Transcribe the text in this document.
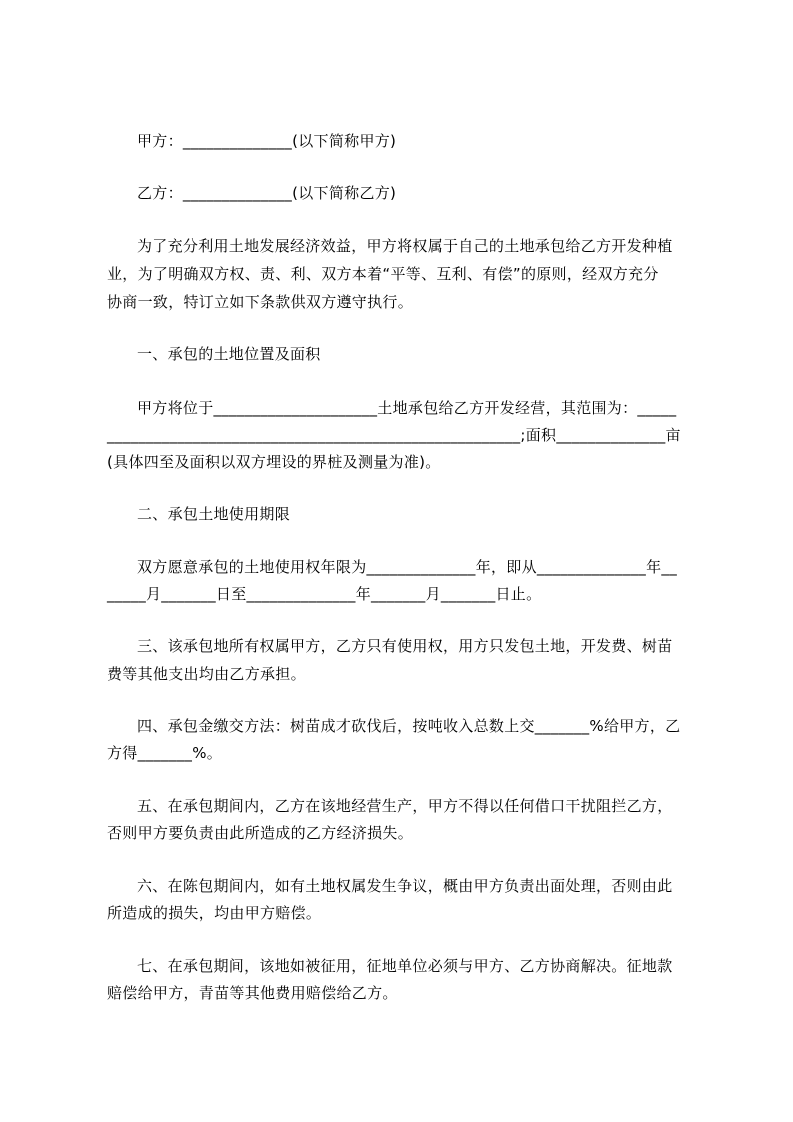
甲方：______________(以下简称甲方)
乙方：______________(以下简称乙方)
为了充分利用土地发展经济效益，甲方将权属于自己的土地承包给乙方开发种植
业，为了明确双方权、责、利、双方本着“平等、互利、有偿”的原则，经双方充分
协商一致，特订立如下条款供双方遵守执行。
一、承包的土地位置及面积
甲方将位于_____________________土地承包给乙方开发经营，其范围为：_____
_____________________________________________________;面积______________亩
(具体四至及面积以双方埋设的界桩及测量为准)。
二、承包土地使用期限
双方愿意承包的土地使用权年限为______________年，即从______________年__
_____月_______日至______________年_______月_______日止。
三、该承包地所有权属甲方，乙方只有使用权，用方只发包土地，开发费、树苗
费等其他支出均由乙方承担。
四、承包金缴交方法：树苗成才砍伐后，按吨收入总数上交_______%给甲方，乙
方得_______%。
五、在承包期间内，乙方在该地经营生产，甲方不得以任何借口干扰阻拦乙方，
否则甲方要负责由此所造成的乙方经济损失。
六、在陈包期间内，如有土地权属发生争议，概由甲方负责出面处理，否则由此
所造成的损失，均由甲方赔偿。
七、在承包期间，该地如被征用，征地单位必须与甲方、乙方协商解决。征地款
赔偿给甲方，青苗等其他费用赔偿给乙方。
